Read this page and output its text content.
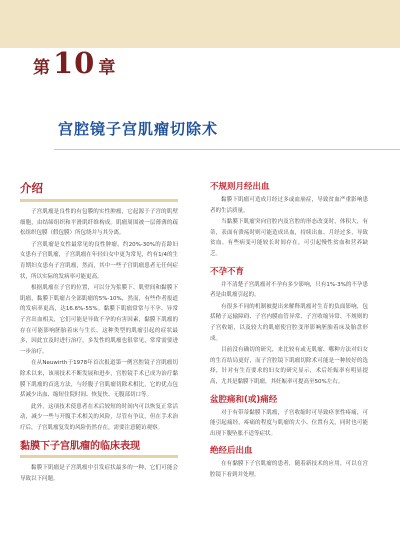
第 10 章
宫腔镜子宫肌瘤切除术
介绍

子宫肌瘤是良性的有包膜的实性肿瘤，它起源于子宫的肌壁细胞，由结缔组织和平滑肌纤维构成。肌瘤周围被一层薄薄的疏松组织包膜（假包膜）所包绕并与其分离。

子宫肌瘤是女性最常见的良性肿瘤，约20%-30%的育龄妇女患有子宫肌瘤，子宫肌瘤在年轻妇女中更为常见，约有1/4的生育期妇女患有子宫肌瘤，然而，其中一些子宫肌瘤患者无任何症状，所以实际的发病率可能更高。

根据肌瘤在子宫的位置，可以分为浆膜下、肌壁间和黏膜下肌瘤，黏膜下肌瘤占全部肌瘤的5%-10%，然而，有些作者报道的发病率更高，达16.6%-55%。黏膜下肌瘤常常与不孕、异常子宫出血相关，它们可能是导致不孕的有害因素，黏膜下肌瘤的存在可能影响胚胎着床与生长。这种类型的肌瘤引起的症状最多，因此宜及时进行治疗，多发性的肌瘤也很常见，常常需要进一步治疗。

在从Neuwirth于1978年首次报道第一例宫腔镜子宫肌瘤切除术以来，该项技术不断发展和进步，宫腔镜手术已成为治疗黏膜下肌瘤的首选方法，与经腹子宫肌瘤切除术相比，它的优点包括减少出血、缩短住院时间、恢复快、无腹部切口等。

此外，这项技术使患者在术后较短的时间内可以恢复正常活动，减少一些与开腹手术相关的风险，尽管有争议，但在手术治疗后，子宫肌瘤复发的风险仍然存在，需要注意随访观察。

黏膜下子宫肌瘤的临床表现

黏膜下肌瘤是子宫肌瘤中引发症状最多的一种，它们可能会导致以下问题。

不规则月经出血

黏膜下肌瘤可造成月经过多或血崩症，导致贫血严重影响患者的生活质量。

当黏膜下肌瘤突向宫腔内及宫腔的形态改变时，体积大，有蒂，表面有溃疡时则可能造成出血，持续出血、月经过多，导致贫血。有些病变可能较长时间存在，可引起慢性贫血和营养缺乏。

不孕不育

并不清楚子宫肌瘤对不孕有多少影响，只有1%-3%的不孕患者是由肌瘤引起的。

有很多不同的机制被提出来解释肌瘤对生育的负面影响，包括精子运输障碍、子宫内膜血管异常、子宫收缩异常、不规则的子宫收缩，以及较大的肌瘤使宫腔变形影响胚胎着床及胎盘形成。

目前没有确切的研究，来比较有或无肌瘤、哪种方法对妇女的生育结局更好，而子宫腔镜下肌瘤切除术可能是一种较好的选择，针对有生育要求的妇女的研究显示，术后妊娠率有明显提高，尤其是黏膜下肌瘤，其妊娠率可提高至50%左右。

盆腔痛和(或)痛经

对于有带蒂黏膜下肌瘤，子宫收缩时可导致痉挛性疼痛，可能引起痛经，疼痛的程度与肌瘤的大小、位置有关，同时也可能出现下腹坠胀不适等症状。

绝经后出血

在有黏膜下子宫肌瘤的患者，随着新技术的应用，可以在宫腔镜下看到并处理。
